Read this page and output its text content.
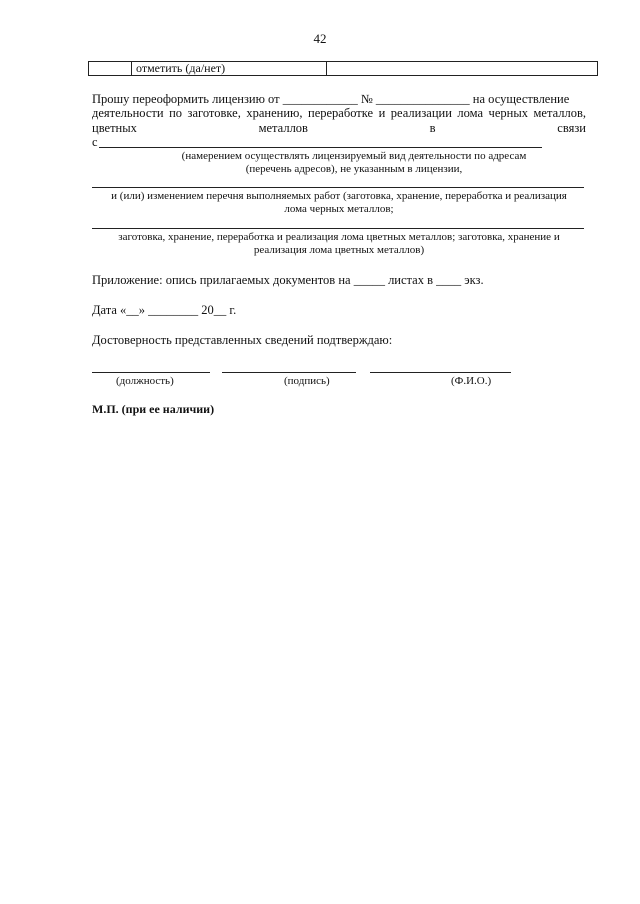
42
	отметить (да/нет)	
Прошу переоформить лицензию от ____________ № _______________ на осуществление
деятельности по заготовке, хранению, переработке и реализации лома черных металлов,
цветных	металлов	в	связи
с
(намерением осуществлять лицензируемый вид деятельности по адресам
(перечень адресов), не указанным в лицензии,
и (или) изменением перечня выполняемых работ (заготовка, хранение, переработка и реализация
лома черных металлов;
заготовка, хранение, переработка и реализация лома цветных металлов; заготовка, хранение и
реализация лома цветных металлов)
Приложение: опись прилагаемых документов на _____ листах в ____ экз.
Дата «__» ________ 20__ г.
Достоверность представленных сведений подтверждаю:
(должность)	(подпись)	(Ф.И.О.)
М.П. (при ее наличии)
